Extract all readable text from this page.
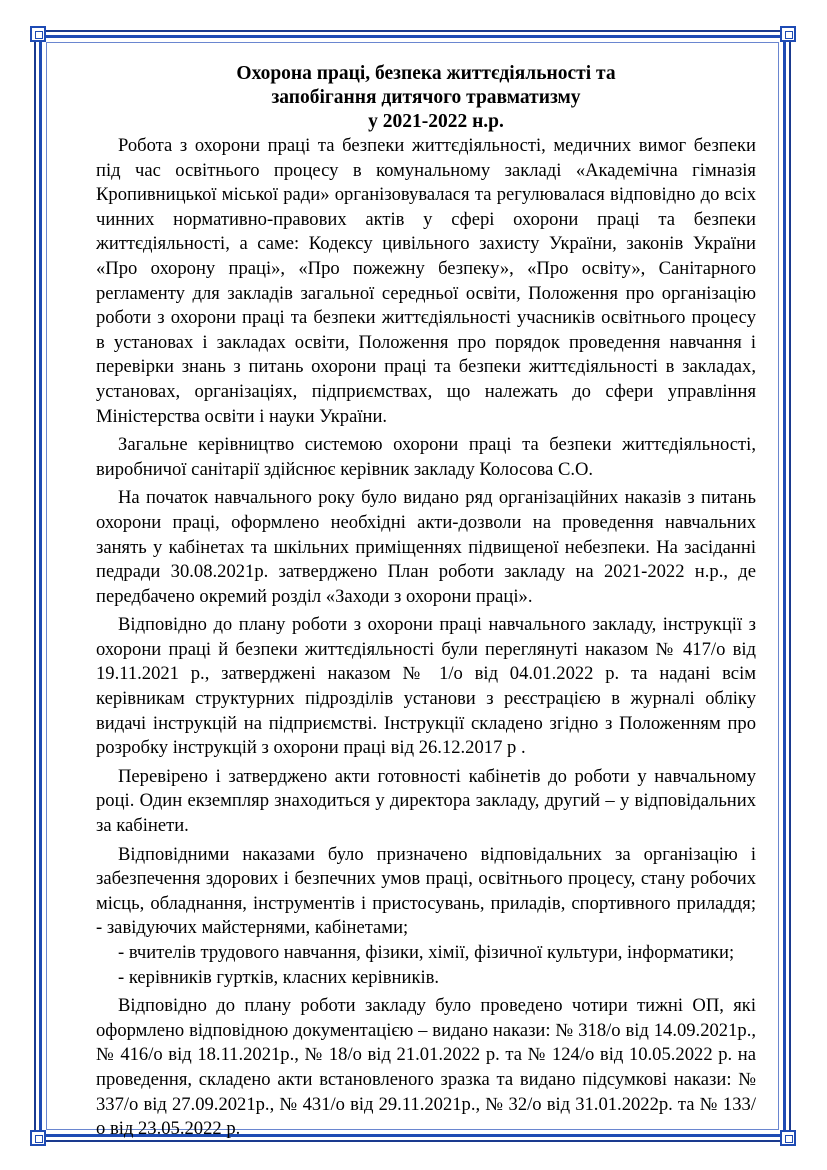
Охорона праці, безпека життєдіяльності та
запобігання дитячого травматизму
у 2021-2022 н.р.

Робота з охорони праці та безпеки життєдіяльності, медичних вимог безпеки під час освітнього процесу в комунальному закладі «Академічна гімназія Кропивницької міської ради» організовувалася та регулювалася відповідно до всіх чинних нормативно-правових актів у сфері охорони праці та безпеки життєдіяльності, а саме: Кодексу цивільного захисту України, законів України «Про охорону праці», «Про пожежну безпеку», «Про освіту», Санітарного регламенту для закладів загальної середньої освіти, Положення про організацію роботи з охорони праці та безпеки життєдіяльності учасників освітнього процесу в установах і закладах освіти, Положення про порядок проведення навчання і перевірки знань з питань охорони праці та безпеки життєдіяльності в закладах, установах, організаціях, підприємствах, що належать до сфери управління Міністерства освіти і науки України.

Загальне керівництво системою охорони праці та безпеки життєдіяльності, виробничої санітарії здійснює керівник закладу Колосова С.О.

На початок навчального року було видано ряд організаційних наказів з питань охорони праці, оформлено необхідні акти-дозволи на проведення навчальних занять у кабінетах та шкільних приміщеннях підвищеної небезпеки. На засіданні педради 30.08.2021р. затверджено План роботи закладу на 2021-2022 н.р., де передбачено окремий розділ «Заходи з охорони праці».

Відповідно до плану роботи з охорони праці навчального закладу, інструкції з охорони праці й безпеки життєдіяльності були переглянуті наказом № 417/о від 19.11.2021 р., затверджені наказом № 1/о від 04.01.2022 р. та надані всім керівникам структурних підрозділів установи з реєстрацією в журналі обліку видачі інструкцій на підприємстві. Інструкції складено згідно з Положенням про розробку інструкцій з охорони праці від 26.12.2017 р .

Перевірено і затверджено акти готовності кабінетів до роботи у навчальному році. Один екземпляр знаходиться у директора закладу, другий – у відповідальних за кабінети.

Відповідними наказами було призначено відповідальних за організацію і забезпечення здорових і безпечних умов праці, освітнього процесу, стану робочих місць, обладнання, інструментів і пристосувань, приладів, спортивного приладдя; - завідуючих майстернями, кабінетами;

- вчителів трудового навчання, фізики, хімії, фізичної культури, інформатики;

- керівників гуртків, класних керівників.

Відповідно до плану роботи закладу було проведено чотири тижні ОП, які оформлено відповідною документацією – видано накази: № 318/о від 14.09.2021р., № 416/о від 18.11.2021р., № 18/о від 21.01.2022 р. та № 124/о від 10.05.2022 р. на проведення, складено акти встановленого зразка та видано підсумкові накази: № 337/о від 27.09.2021р., № 431/о від 29.11.2021р., № 32/о від 31.01.2022р. та № 133/о від 23.05.2022 р.
